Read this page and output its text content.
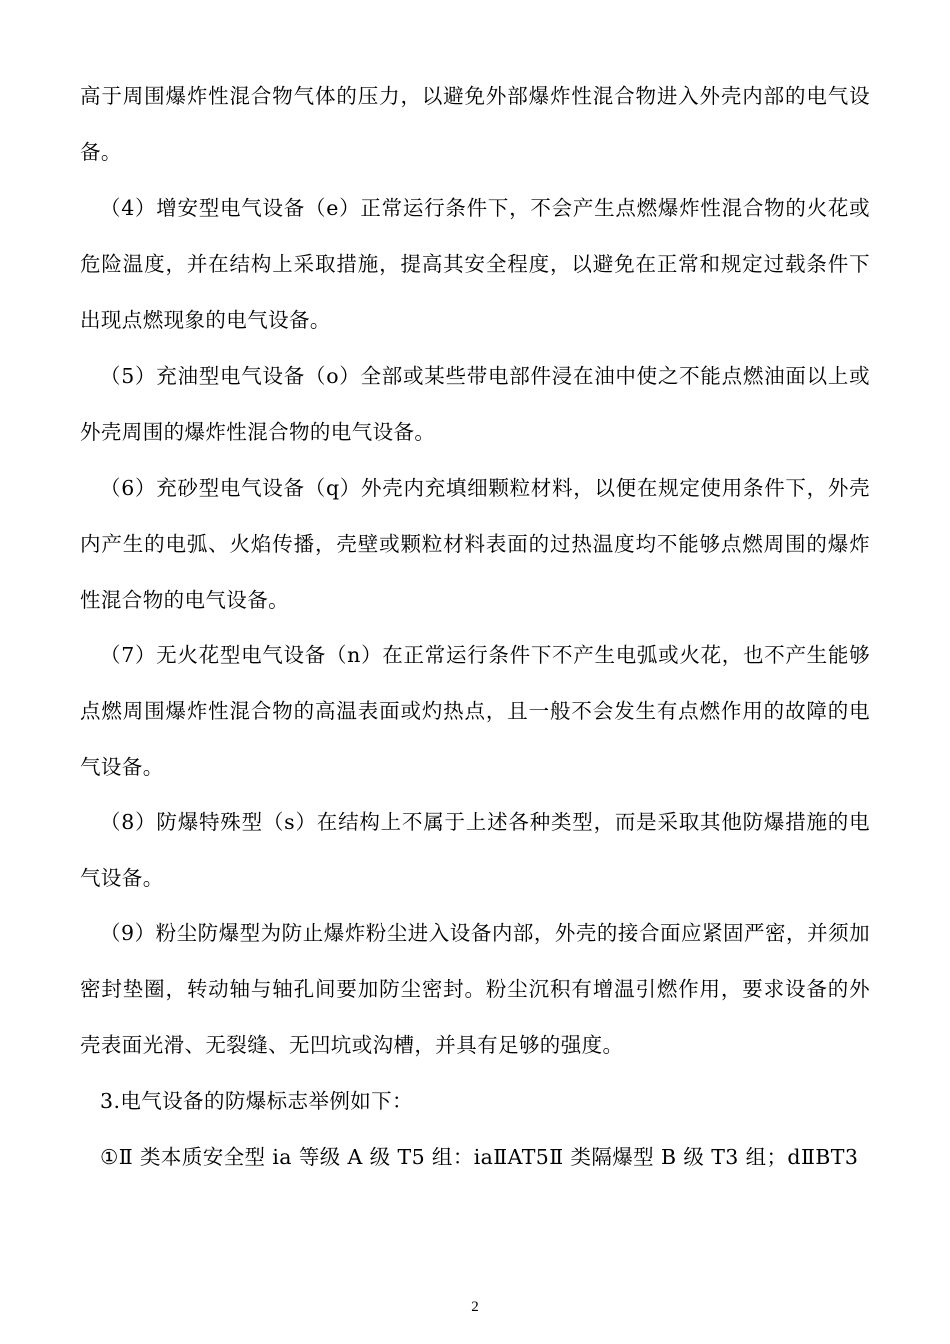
高于周围爆炸性混合物气体的压力，以避免外部爆炸性混合物进入外壳内部的电气设备。

（4）增安型电气设备（e）正常运行条件下，不会产生点燃爆炸性混合物的火花或危险温度，并在结构上采取措施，提高其安全程度，以避免在正常和规定过载条件下出现点燃现象的电气设备。

（5）充油型电气设备（o）全部或某些带电部件浸在油中使之不能点燃油面以上或外壳周围的爆炸性混合物的电气设备。

（6）充砂型电气设备（q）外壳内充填细颗粒材料，以便在规定使用条件下，外壳内产生的电弧、火焰传播，壳壁或颗粒材料表面的过热温度均不能够点燃周围的爆炸性混合物的电气设备。

（7）无火花型电气设备（n）在正常运行条件下不产生电弧或火花，也不产生能够点燃周围爆炸性混合物的高温表面或灼热点，且一般不会发生有点燃作用的故障的电气设备。

（8）防爆特殊型（s）在结构上不属于上述各种类型，而是采取其他防爆措施的电气设备。

（9）粉尘防爆型为防止爆炸粉尘进入设备内部，外壳的接合面应紧固严密，并须加密封垫圈，转动轴与轴孔间要加防尘密封。粉尘沉积有增温引燃作用，要求设备的外壳表面光滑、无裂缝、无凹坑或沟槽，并具有足够的强度。

3.电气设备的防爆标志举例如下：

①Ⅱ 类本质安全型 ia 等级 A 级 T5 组：iaⅡAT5Ⅱ 类隔爆型 B 级 T3 组；dⅡBT3

2
